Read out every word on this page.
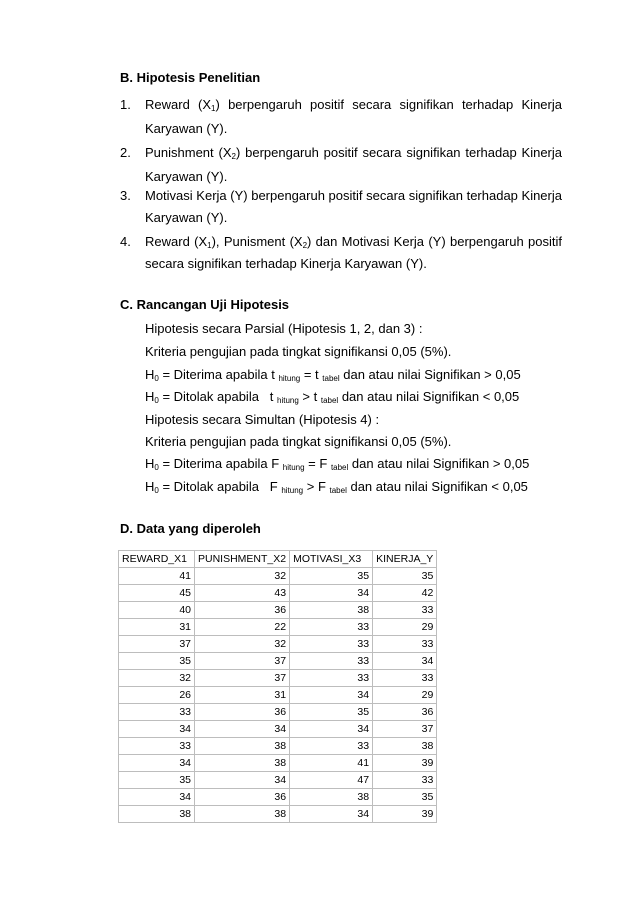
B. Hipotesis Penelitian
1. Reward $(X_1)$ berpengaruh positif secara signifikan terhadap Kinerja
Karyawan (Y).
2. Punishment $(X_2)$ berpengaruh positif secara signifikan terhadap Kinerja
Karyawan (Y).
3. Motivasi Kerja (Y) berpengaruh positif secara signifikan terhadap Kinerja
Karyawan (Y).
4. Reward $(X_1)$, Punisment $(X_2)$ dan Motivasi Kerja (Y) berpengaruh positif
secara signifikan terhadap Kinerja Karyawan (Y).
C. Rancangan Uji Hipotesis
Hipotesis secara Parsial (Hipotesis 1, 2, dan 3) :
Kriteria pengujian pada tingkat signifikansi 0,05 (5%).
$H_0$ = Diterima apabila t $_{hitung}$ = t $_{tabel}$ dan atau nilai Signifikan > 0,05
$H_0$ = Ditolak apabila   t $_{hitung}$ > t $_{tabel}$ dan atau nilai Signifikan < 0,05
Hipotesis secara Simultan (Hipotesis 4) :
Kriteria pengujian pada tingkat signifikansi 0,05 (5%).
$H_0$ = Diterima apabila F $_{hitung}$ = F $_{tabel}$ dan atau nilai Signifikan > 0,05
$H_0$ = Ditolak apabila   F $_{hitung}$ > F $_{tabel}$ dan atau nilai Signifikan < 0,05
D. Data yang diperoleh
REWARD_X1	PUNISHMENT_X2	MOTIVASI_X3	KINERJA_Y
41	32	35	35
45	43	34	42
40	36	38	33
31	22	33	29
37	32	33	33
35	37	33	34
32	37	33	33
26	31	34	29
33	36	35	36
34	34	34	37
33	38	33	38
34	38	41	39
35	34	47	33
34	36	38	35
38	38	34	39
